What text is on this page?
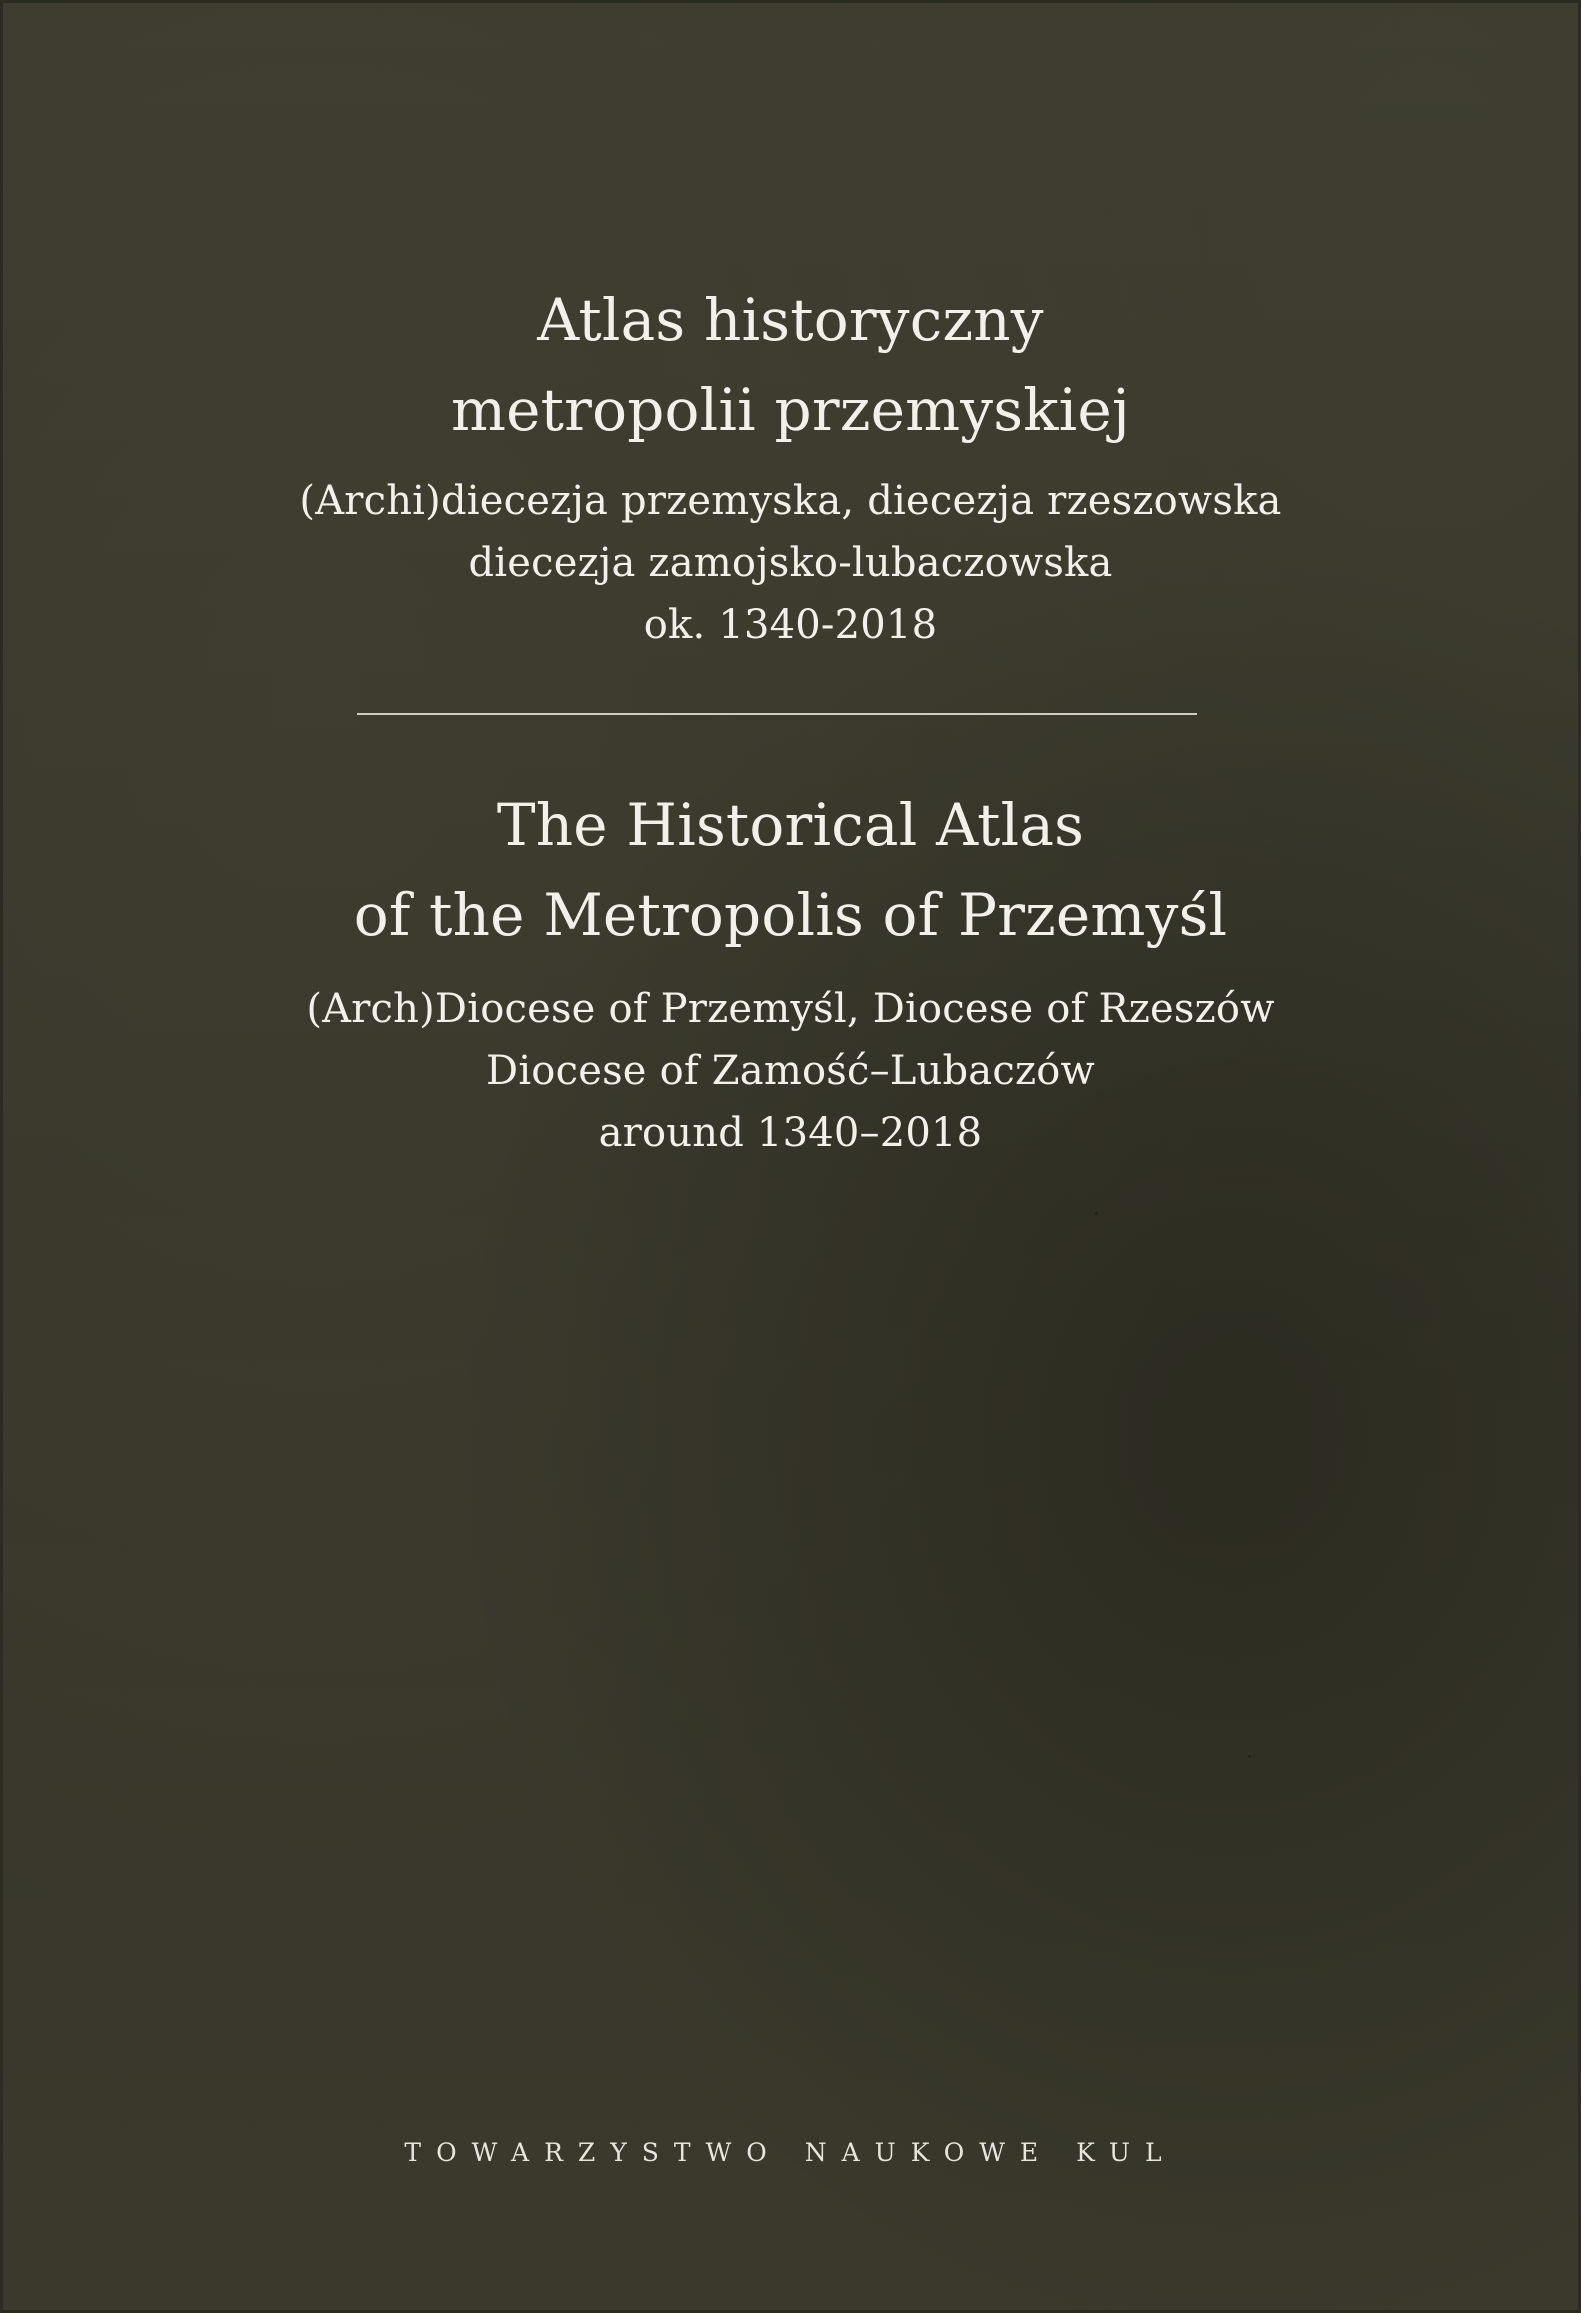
Atlas historyczny
metropolii przemyskiej
(Archi)diecezja przemyska, diecezja rzeszowska
diecezja zamojsko-lubaczowska
ok. 1340-2018
The Historical Atlas
of the Metropolis of Przemyśl
(Arch)Diocese of Przemyśl, Diocese of Rzeszów
Diocese of Zamość–Lubaczów
around 1340–2018
TOWARZYSTWO NAUKOWE KUL
